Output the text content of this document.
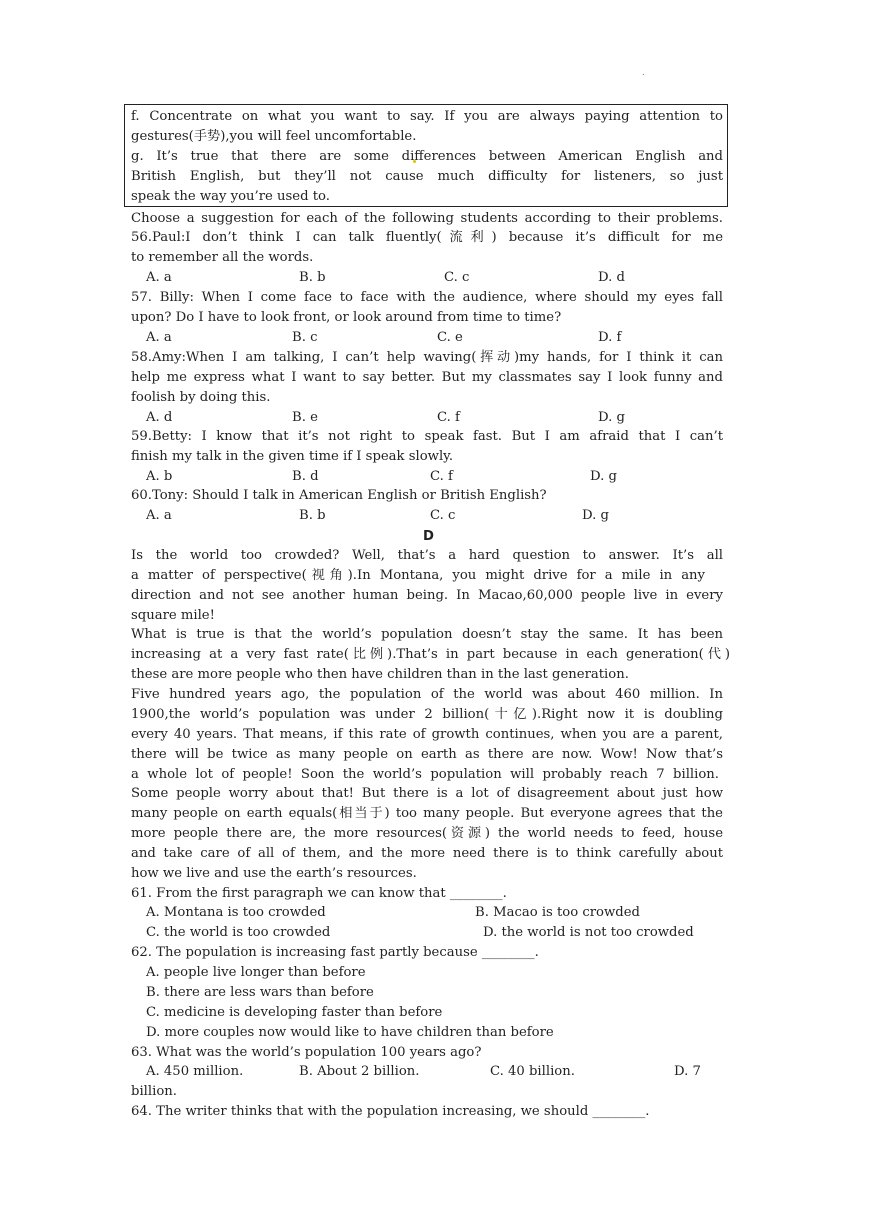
.
f. Concentrate on what you want to say. If you are always paying attention to
gestures(手势),you will feel uncomfortable.
g. It’s true that there are some differences between American English and
British English, but they’ll not cause much difficulty for listeners, so just
speak the way you’re used to.
Choose a suggestion for each of the following students according to their problems.
56.Paul:I don’t think I can talk fluently(流利) because it’s difficult for me
to remember all the words.
A. a	B. b	C. c	D. d
57. Billy: When I come face to face with the audience, where should my eyes fall
upon? Do I have to look front, or look around from time to time?
A. a	B. c	C. e	D. f
58.Amy:When I am talking, I can’t help waving(挥动)my hands, for I think it can
help me express what I want to say better. But my classmates say I look funny and
foolish by doing this.
A. d	B. e	C. f	D. g
59.Betty: I know that it’s not right to speak fast. But I am afraid that I can’t
finish my talk in the given time if I speak slowly.
A. b	B. d	C. f	D. g
60.Tony: Should I talk in American English or British English?
A. a	B. b	C. c	D. g
D
Is the world too crowded? Well, that’s a hard question to answer. It’s all
a matter of perspective(视角).In Montana, you might drive for a mile in any
direction and not see another human being. In Macao,60,000 people live in every
square mile!
What is true is that the world’s population doesn’t stay the same. It has been
increasing at a very fast rate(比例).That’s in part because in each generation(代)
these are more people who then have children than in the last generation.
Five hundred years ago, the population of the world was about 460 million. In
1900,the world’s population was under 2 billion(十亿).Right now it is doubling
every 40 years. That means, if this rate of growth continues, when you are a parent,
there will be twice as many people on earth as there are now. Wow! Now that’s
a whole lot of people! Soon the world’s population will probably reach 7 billion.
Some people worry about that! But there is a lot of disagreement about just how
many people on earth equals(相当于) too many people. But everyone agrees that the
more people there are, the more resources(资源) the world needs to feed, house
and take care of all of them, and the more need there is to think carefully about
how we live and use the earth’s resources.
61. From the first paragraph we can know that ________.
A. Montana is too crowded	B. Macao is too crowded
C. the world is too crowded	D. the world is not too crowded
62. The population is increasing fast partly because ________.
A. people live longer than before
B. there are less wars than before
C. medicine is developing faster than before
D. more couples now would like to have children than before
63. What was the world’s population 100 years ago?
A. 450 million.	B. About 2 billion.	C. 40 billion.	D. 7
billion.
64. The writer thinks that with the population increasing, we should ________.
